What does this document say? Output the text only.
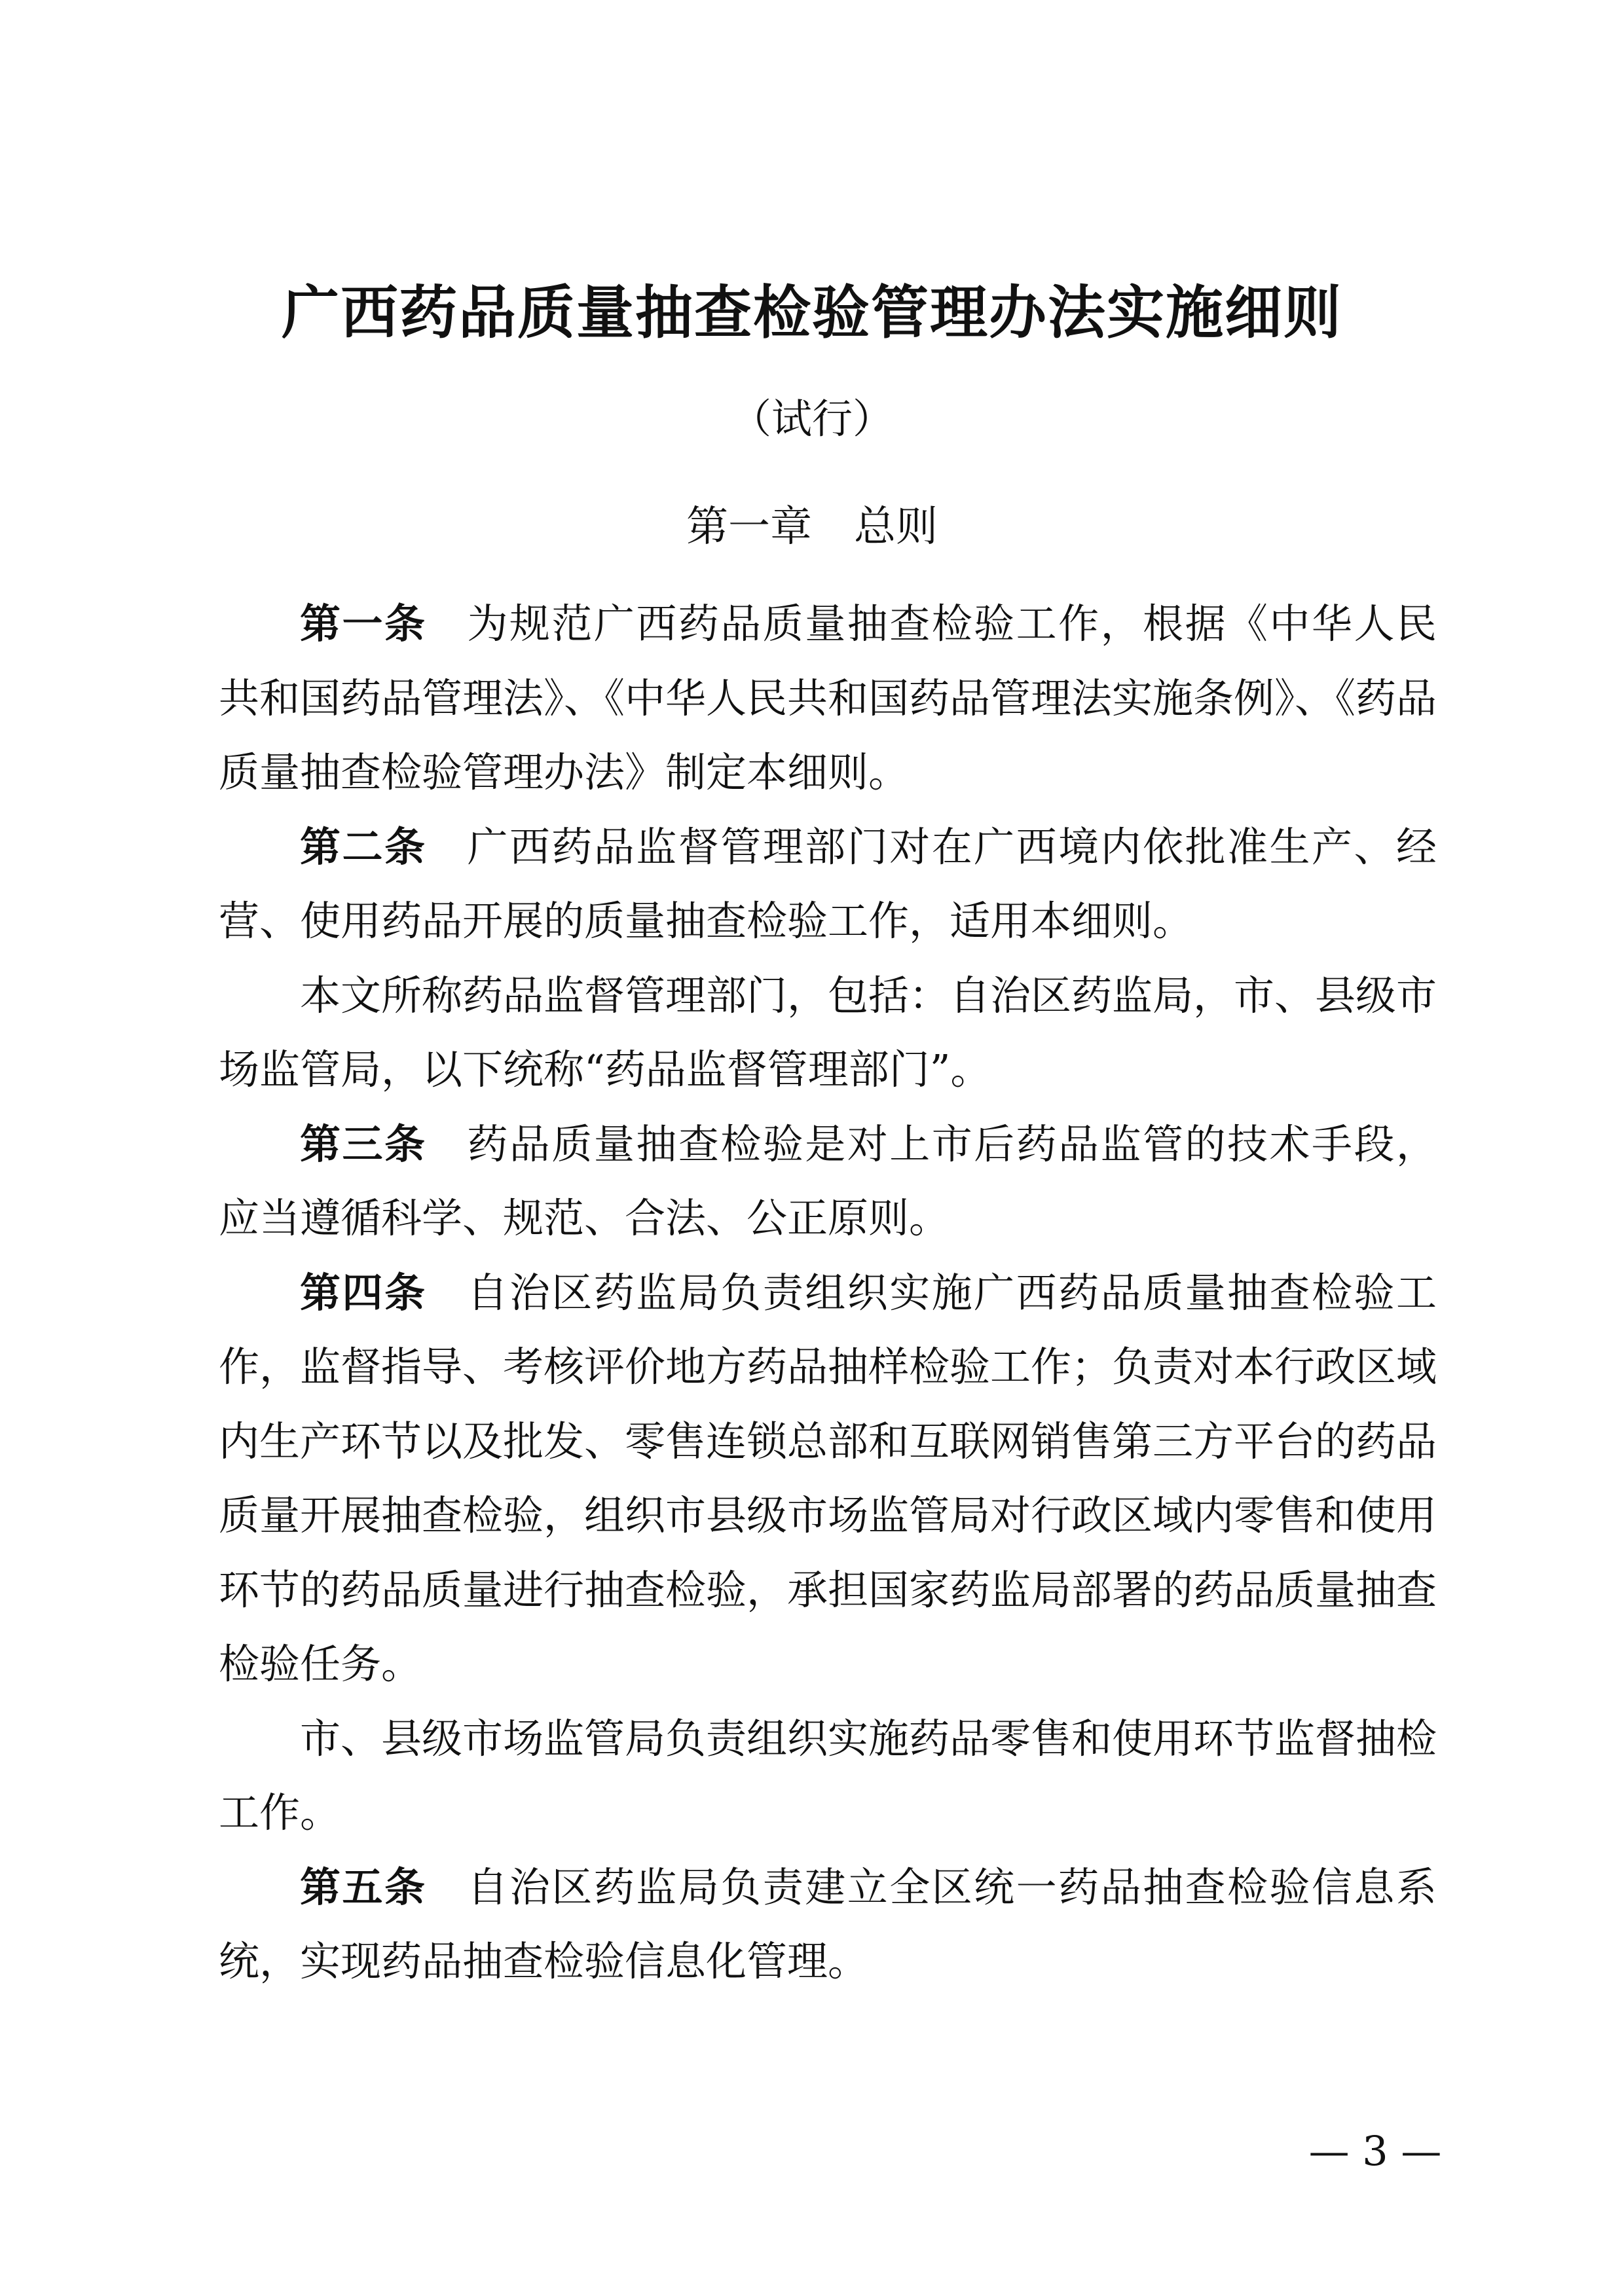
广西药品质量抽查检验管理办法实施细则
（试行）
第一章　总则

第一条 为规范广西药品质量抽查检验工作，根据《中华人民共和国药品管理法》、《中华人民共和国药品管理法实施条例》、《药品质量抽查检验管理办法》制定本细则。

第二条 广西药品监督管理部门对在广西境内依批准生产、经营、使用药品开展的质量抽查检验工作，适用本细则。

本文所称药品监督管理部门，包括：自治区药监局，市、县级市场监管局，以下统称“药品监督管理部门”。

第三条 药品质量抽查检验是对上市后药品监管的技术手段，应当遵循科学、规范、合法、公正原则。

第四条 自治区药监局负责组织实施广西药品质量抽查检验工作，监督指导、考核评价地方药品抽样检验工作；负责对本行政区域内生产环节以及批发、零售连锁总部和互联网销售第三方平台的药品质量开展抽查检验，组织市县级市场监管局对行政区域内零售和使用环节的药品质量进行抽查检验，承担国家药监局部署的药品质量抽查检验任务。

市、县级市场监管局负责组织实施药品零售和使用环节监督抽检工作。

第五条 自治区药监局负责建立全区统一药品抽查检验信息系统，实现药品抽查检验信息化管理。

— 3 —
